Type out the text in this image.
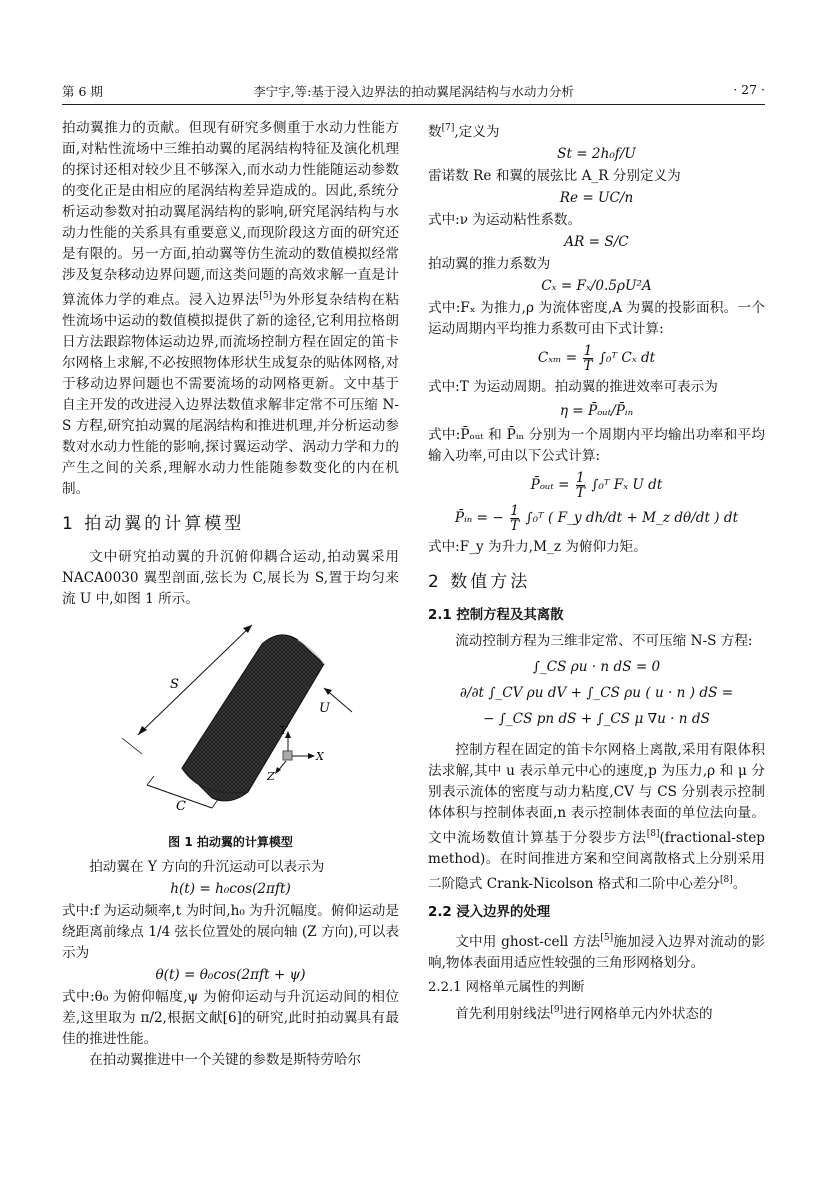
第 6 期	李宁宇,等:基于浸入边界法的拍动翼尾涡结构与水动力分析	· 27 ·

拍动翼推力的贡献。但现有研究多侧重于水动力性能方面,对粘性流场中三维拍动翼的尾涡结构特征及演化机理的探讨还相对较少且不够深入,而水动力性能随运动参数的变化正是由相应的尾涡结构差异造成的。因此,系统分析运动参数对拍动翼尾涡结构的影响,研究尾涡结构与水动力性能的关系具有重要意义,而现阶段这方面的研究还是有限的。另一方面,拍动翼等仿生流动的数值模拟经常涉及复杂移动边界问题,而这类问题的高效求解一直是计算流体力学的难点。浸入边界法[5]为外形复杂结构在粘性流场中运动的数值模拟提供了新的途径,它利用拉格朗日方法跟踪物体运动边界,而流场控制方程在固定的笛卡尔网格上求解,不必按照物体形状生成复杂的贴体网格,对于移动边界问题也不需要流场的动网格更新。文中基于自主开发的改进浸入边界法数值求解非定常不可压缩 N-S 方程,研究拍动翼的尾涡结构和推进机理,并分析运动参数对水动力性能的影响,探讨翼运动学、涡动力学和力的产生之间的关系,理解水动力性能随参数变化的内在机制。

1 拍动翼的计算模型

文中研究拍动翼的升沉俯仰耦合运动,拍动翼采用 NACA0030 翼型剖面,弦长为 C,展长为 S,置于均匀来流 U 中,如图 1 所示。

S
U
Y
X
Z
C
图 1 拍动翼的计算模型

拍动翼在 Y 方向的升沉运动可以表示为

h(t) = h₀cos(2πft)

式中:f 为运动频率,t 为时间,h₀ 为升沉幅度。俯仰运动是绕距离前缘点 1/4 弦长位置处的展向轴 (Z 方向),可以表示为

θ(t) = θ₀cos(2πft + ψ)

式中:θ₀ 为俯仰幅度,ψ 为俯仰运动与升沉运动间的相位差,这里取为 π/2,根据文献[6]的研究,此时拍动翼具有最佳的推进性能。

在拍动翼推进中一个关键的参数是斯特劳哈尔

数[7],定义为

St = 2h₀f/U

雷诺数 Re 和翼的展弦比 A_R 分别定义为

Re = UC/n

式中:ν 为运动粘性系数。

AR = S/C

拍动翼的推力系数为

Cₓ = Fₓ/0.5ρU²A

式中:Fₓ 为推力,ρ 为流体密度,A 为翼的投影面积。一个运动周期内平均推力系数可由下式计算:

$C_{xm} = \frac{1}{T}$ ∫₀ᵀ Cₓ dt

式中:T 为运动周期。拍动翼的推进效率可表示为

η = P̄ₒᵤₜ/P̄ᵢₙ

式中:P̄ₒᵤₜ 和 P̄ᵢₙ 分别为一个周期内平均输出功率和平均输入功率,可由以下公式计算:

P̄ₒᵤₜ = $\frac{1}{T}$ ∫₀ᵀ Fₓ U dt
P̄ᵢₙ = − $\frac{1}{T}$ ∫₀ᵀ ( F_y dh/dt + M_z dθ/dt ) dt

式中:F_y 为升力,M_z 为俯仰力矩。

2 数值方法
2.1 控制方程及其离散

流动控制方程为三维非定常、不可压缩 N-S 方程:

∫_CS ρu · n dS = 0
∂/∂t ∫_CV ρu dV + ∫_CS ρu ( u · n ) dS =
− ∫_CS pn dS + ∫_CS μ ∇u · n dS

控制方程在固定的笛卡尔网格上离散,采用有限体积法求解,其中 u 表示单元中心的速度,p 为压力,ρ 和 μ 分别表示流体的密度与动力粘度,CV 与 CS 分别表示控制体体积与控制体表面,n 表示控制体表面的单位法向量。文中流场数值计算基于分裂步方法[8](fractional-step method)。在时间推进方案和空间离散格式上分别采用二阶隐式 Crank-Nicolson 格式和二阶中心差分[8]。

2.2 浸入边界的处理

文中用 ghost-cell 方法[5]施加浸入边界对流动的影响,物体表面用适应性较强的三角形网格划分。

2.2.1 网格单元属性的判断

首先利用射线法[9]进行网格单元内外状态的
